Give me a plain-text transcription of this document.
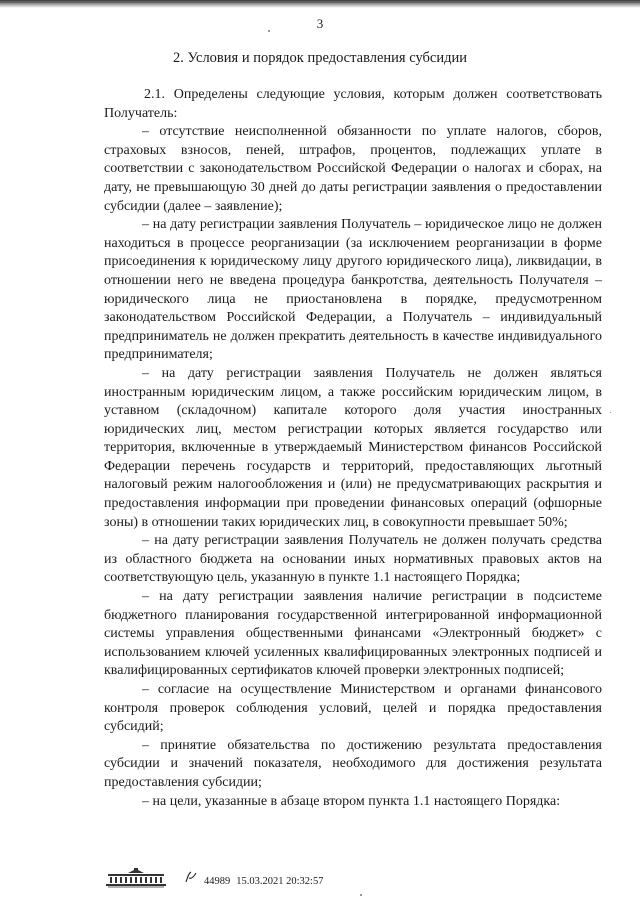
3
2. Условия и порядок предоставления субсидии

2.1. Определены следующие условия, которым должен соответствовать Получатель:

– отсутствие неисполненной обязанности по уплате налогов, сборов, страховых взносов, пеней, штрафов, процентов, подлежащих уплате в соответствии с законодательством Российской Федерации о налогах и сборах, на дату, не превышающую 30 дней до даты регистрации заявления о предоставлении субсидии (далее – заявление);

– на дату регистрации заявления Получатель – юридическое лицо не должен находиться в процессе реорганизации (за исключением реорганизации в форме присоединения к юридическому лицу другого юридического лица), ликвидации, в отношении него не введена процедура банкротства, деятельность Получателя – юридического лица не приостановлена в порядке, предусмотренном законодательством Российской Федерации, а Получатель – индивидуальный предприниматель не должен прекратить деятельность в качестве индивидуального предпринимателя;

– на дату регистрации заявления Получатель не должен являться иностранным юридическим лицом, а также российским юридическим лицом, в уставном (складочном) капитале которого доля участия иностранных юридических лиц, местом регистрации которых является государство или территория, включенные в утверждаемый Министерством финансов Российской Федерации перечень государств и территорий, предоставляющих льготный налоговый режим налогообложения и (или) не предусматривающих раскрытия и предоставления информации при проведении финансовых операций (офшорные зоны) в отношении таких юридических лиц, в совокупности превышает 50%;

– на дату регистрации заявления Получатель не должен получать средства из областного бюджета на основании иных нормативных правовых актов на соответствующую цель, указанную в пункте 1.1 настоящего Порядка;

– на дату регистрации заявления наличие регистрации в подсистеме бюджетного планирования государственной интегрированной информационной системы управления общественными финансами «Электронный бюджет» с использованием ключей усиленных квалифицированных электронных подписей и квалифицированных сертификатов ключей проверки электронных подписей;

– согласие на осуществление Министерством и органами финансового контроля проверок соблюдения условий, целей и порядка предоставления субсидий;

– принятие обязательства по достижению результата предоставления субсидии и значений показателя, необходимого для достижения результата предоставления субсидии;

– на цели, указанные в абзаце втором пункта 1.1 настоящего Порядка:

44989 15.03.2021 20:32:57
